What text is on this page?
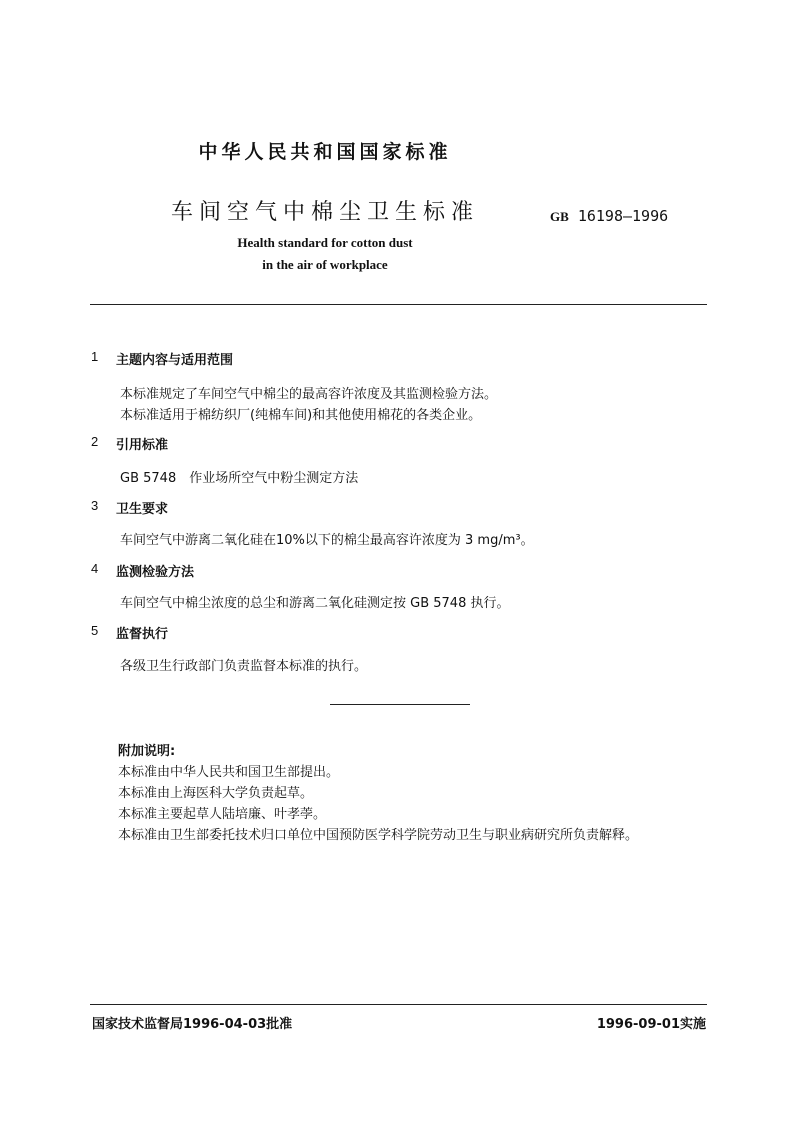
中华人民共和国国家标准
车间空气中棉尘卫生标准	GB 16198—1996
Health standard for cotton dust
in the air of workplace
1 主题内容与适用范围
本标准规定了车间空气中棉尘的最高容许浓度及其监测检验方法。
本标准适用于棉纺织厂(纯棉车间)和其他使用棉花的各类企业。
2 引用标准
GB 5748　作业场所空气中粉尘测定方法
3 卫生要求
车间空气中游离二氧化硅在10%以下的棉尘最高容许浓度为 3 mg/m³。
4 监测检验方法
车间空气中棉尘浓度的总尘和游离二氧化硅测定按 GB 5748 执行。
5 监督执行
各级卫生行政部门负责监督本标准的执行。
附加说明:
本标准由中华人民共和国卫生部提出。
本标准由上海医科大学负责起草。
本标准主要起草人陆培廉、叶孝荸。
本标准由卫生部委托技术归口单位中国预防医学科学院劳动卫生与职业病研究所负责解释。
国家技术监督局1996-04-03批准	1996-09-01实施
